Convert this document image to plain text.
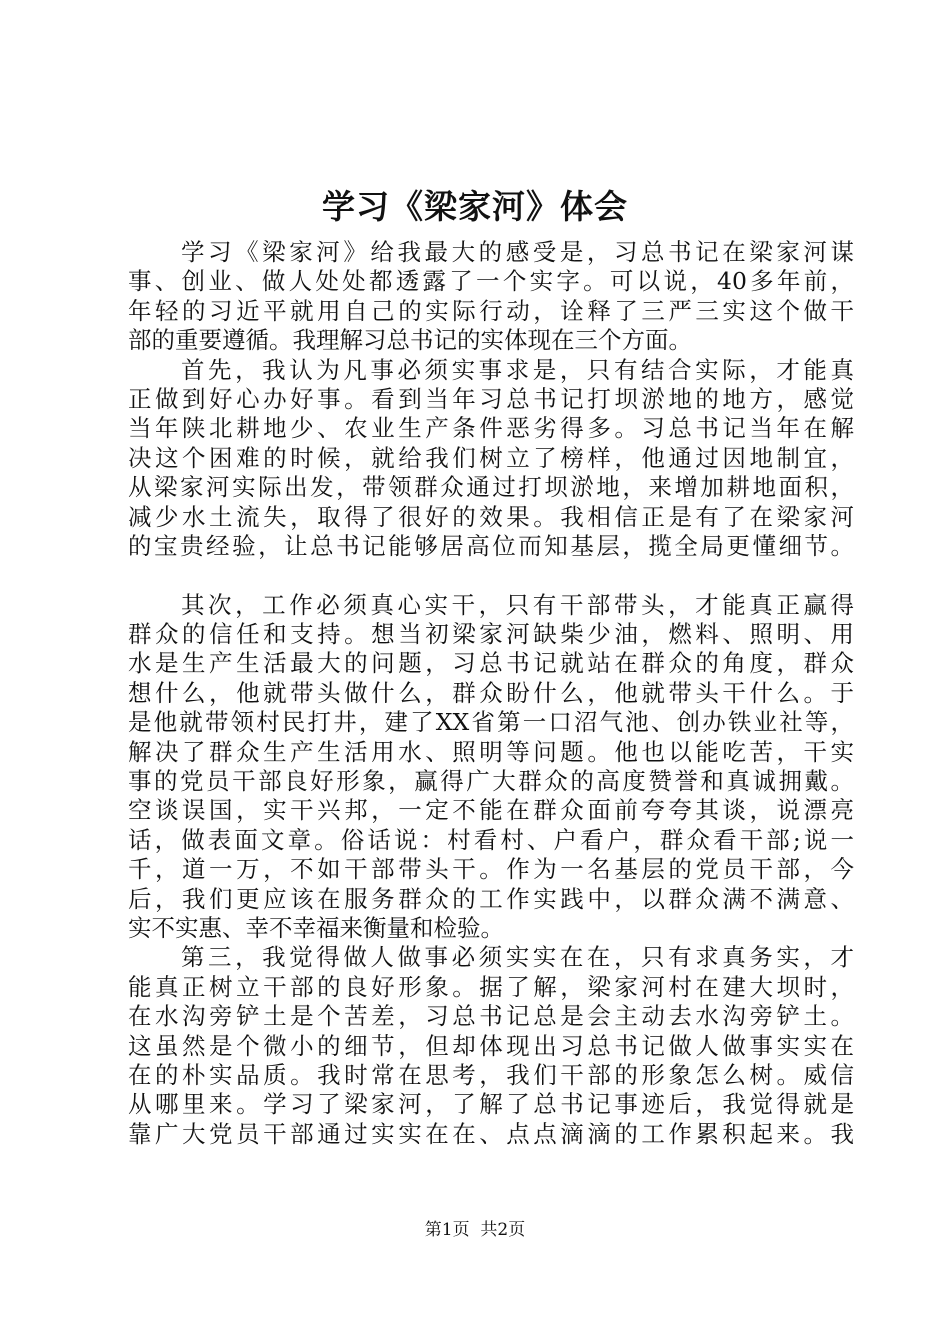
学习《梁家河》体会
学习《梁家河》给我最大的感受是，习总书记在梁家河谋
事、创业、做人处处都透露了一个实字。可以说，40多年前，
年轻的习近平就用自己的实际行动，诠释了三严三实这个做干
部的重要遵循。我理解习总书记的实体现在三个方面。
首先，我认为凡事必须实事求是，只有结合实际，才能真
正做到好心办好事。看到当年习总书记打坝淤地的地方，感觉
当年陕北耕地少、农业生产条件恶劣得多。习总书记当年在解
决这个困难的时候，就给我们树立了榜样，他通过因地制宜，
从梁家河实际出发，带领群众通过打坝淤地，来增加耕地面积，
减少水土流失，取得了很好的效果。我相信正是有了在梁家河
的宝贵经验，让总书记能够居高位而知基层，揽全局更懂细节。
其次，工作必须真心实干，只有干部带头，才能真正赢得
群众的信任和支持。想当初梁家河缺柴少油，燃料、照明、用
水是生产生活最大的问题，习总书记就站在群众的角度，群众
想什么，他就带头做什么，群众盼什么，他就带头干什么。于
是他就带领村民打井，建了XX省第一口沼气池、创办铁业社等，
解决了群众生产生活用水、照明等问题。他也以能吃苦，干实
事的党员干部良好形象，赢得广大群众的高度赞誉和真诚拥戴。
空谈误国，实干兴邦，一定不能在群众面前夸夸其谈，说漂亮
话，做表面文章。俗话说：村看村、户看户，群众看干部;说一
千，道一万，不如干部带头干。作为一名基层的党员干部，今
后，我们更应该在服务群众的工作实践中，以群众满不满意、
实不实惠、幸不幸福来衡量和检验。
第三，我觉得做人做事必须实实在在，只有求真务实，才
能真正树立干部的良好形象。据了解，梁家河村在建大坝时，
在水沟旁铲土是个苦差，习总书记总是会主动去水沟旁铲土。
这虽然是个微小的细节，但却体现出习总书记做人做事实实在
在的朴实品质。我时常在思考，我们干部的形象怎么树。威信
从哪里来。学习了梁家河，了解了总书记事迹后，我觉得就是
靠广大党员干部通过实实在在、点点滴滴的工作累积起来。我
第1页  共2页
